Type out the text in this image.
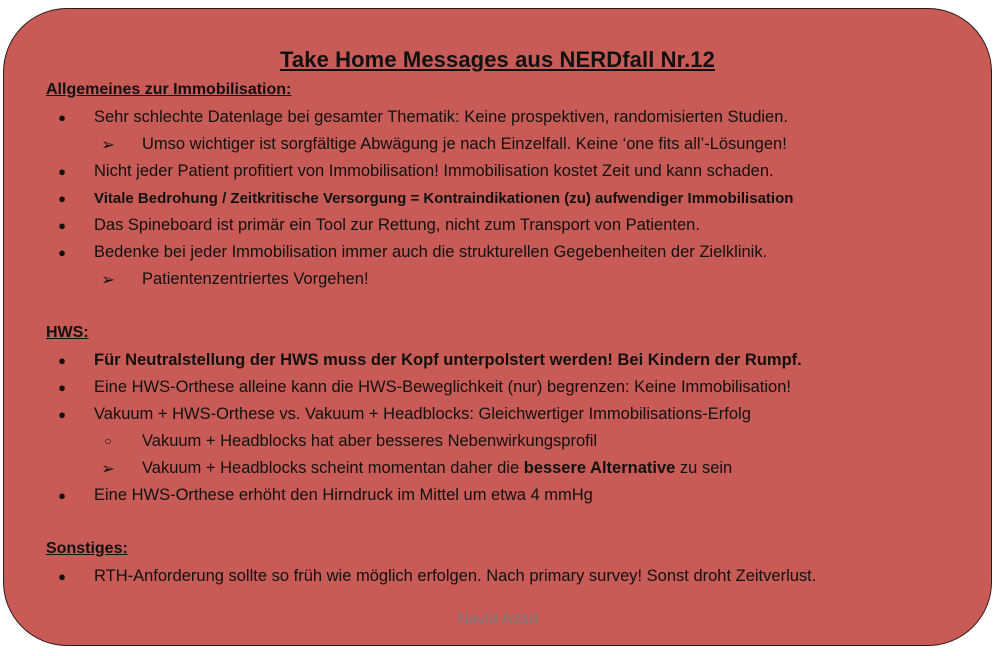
Take Home Messages aus NERDfall Nr.12
Allgemeines zur Immobilisation:
● Sehr schlechte Datenlage bei gesamter Thematik: Keine prospektiven, randomisierten Studien.
➢ Umso wichtiger ist sorgfältige Abwägung je nach Einzelfall. Keine ‘one fits all’-Lösungen!
● Nicht jeder Patient profitiert von Immobilisation! Immobilisation kostet Zeit und kann schaden.
● Vitale Bedrohung / Zeitkritische Versorgung = Kontraindikationen (zu) aufwendiger Immobilisation
● Das Spineboard ist primär ein Tool zur Rettung, nicht zum Transport von Patienten.
● Bedenke bei jeder Immobilisation immer auch die strukturellen Gegebenheiten der Zielklinik.
➢ Patientenzentriertes Vorgehen!
HWS:
● Für Neutralstellung der HWS muss der Kopf unterpolstert werden! Bei Kindern der Rumpf.
● Eine HWS-Orthese alleine kann die HWS-Beweglichkeit (nur) begrenzen: Keine Immobilisation!
● Vakuum + HWS-Orthese vs. Vakuum + Headblocks: Gleichwertiger Immobilisations-Erfolg
○	Vakuum + Headblocks hat aber besseres Nebenwirkungsprofil
➢ Vakuum + Headblocks scheint momentan daher die bessere Alternative zu sein
● Eine HWS-Orthese erhöht den Hirndruck im Mittel um etwa 4 mmHg
Sonstiges:
● RTH-Anforderung sollte so früh wie möglich erfolgen. Nach primary survey! Sonst droht Zeitverlust.
Navid Azad
